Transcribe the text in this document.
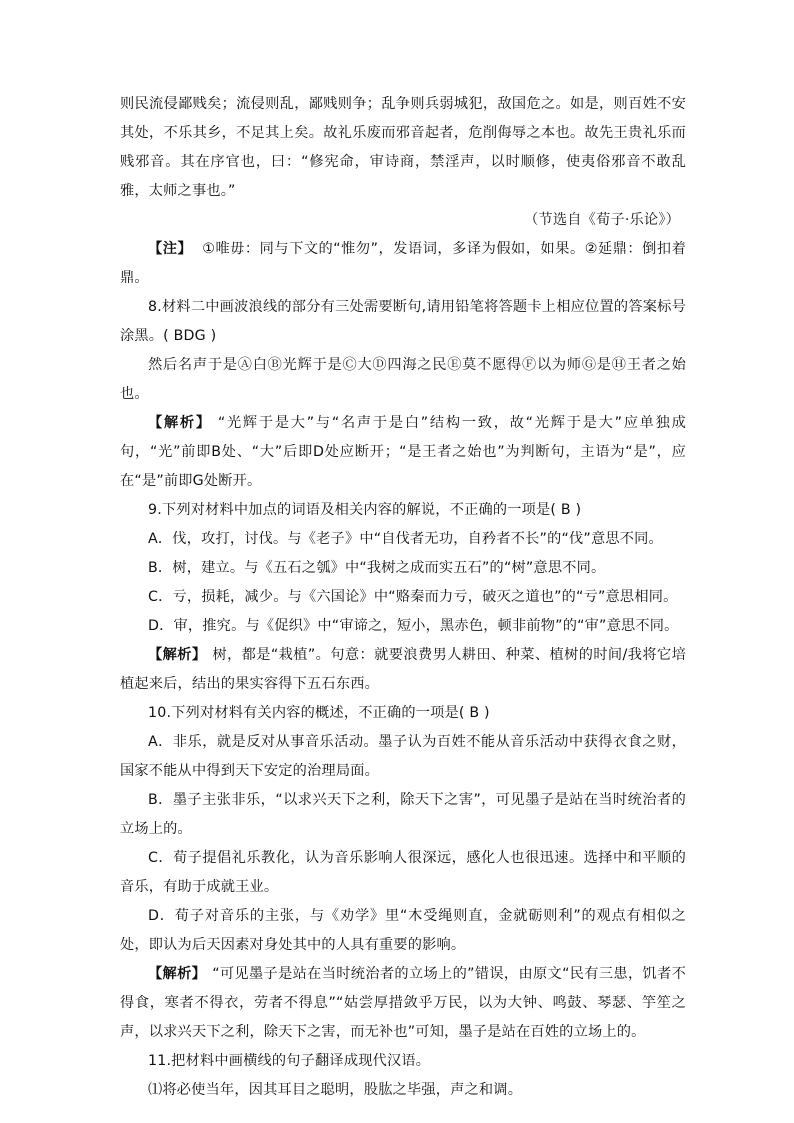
则民流侵鄙贱矣；流侵则乱，鄙贱则争；乱争则兵弱城犯，敌国危之。如是，则百姓不安其处，不乐其乡，不足其上矣。故礼乐废而邪音起者，危削侮辱之本也。故先王贵礼乐而贱邪音。其在序官也，曰：“修宪命，审诗商，禁淫声，以时顺修，使夷俗邪音不敢乱雅，太师之事也。”

（节选自《荀子·乐论》）

【注】 ①唯毋：同与下文的“惟勿”，发语词，多译为假如，如果。②延鼎：倒扣着鼎。

8.材料二中画波浪线的部分有三处需要断句,请用铅笔将答题卡上相应位置的答案标号涂黑。( BDG )

然后名声于是Ⓐ白Ⓑ光辉于是Ⓒ大Ⓓ四海之民Ⓔ莫不愿得Ⓕ以为师Ⓖ是Ⓗ王者之始也。

【解析】 “光辉于是大”与“名声于是白”结构一致，故“光辉于是大”应单独成句，“光”前即B处、“大”后即D处应断开；“是王者之始也”为判断句，主语为“是”，应在“是”前即G处断开。

9.下列对材料中加点的词语及相关内容的解说，不正确的一项是( B )

A．伐，攻打，讨伐。与《老子》中“自伐者无功，自矜者不长”的“伐”意思不同。

B．树，建立。与《五石之瓠》中“我树之成而实五石”的“树”意思不同。

C．亏，损耗，减少。与《六国论》中“赂秦而力亏，破灭之道也”的“亏”意思相同。

D．审，推究。与《促织》中“审谛之，短小，黑赤色，顿非前物”的“审”意思不同。

【解析】 树，都是“栽植”。句意：就要浪费男人耕田、种菜、植树的时间/我将它培植起来后，结出的果实容得下五石东西。

10.下列对材料有关内容的概述，不正确的一项是( B )

A．非乐，就是反对从事音乐活动。墨子认为百姓不能从音乐活动中获得衣食之财，国家不能从中得到天下安定的治理局面。

B．墨子主张非乐，“以求兴天下之利，除天下之害”，可见墨子是站在当时统治者的立场上的。

C．荀子提倡礼乐教化，认为音乐影响人很深远，感化人也很迅速。选择中和平顺的音乐，有助于成就王业。

D．荀子对音乐的主张，与《劝学》里“木受绳则直，金就砺则利”的观点有相似之处，即认为后天因素对身处其中的人具有重要的影响。

【解析】 “可见墨子是站在当时统治者的立场上的”错误，由原文“民有三患，饥者不得食，寒者不得衣，劳者不得息”“姑尝厚措敛乎万民，以为大钟、鸣鼓、琴瑟、竽笙之声，以求兴天下之利，除天下之害，而无补也”可知，墨子是站在百姓的立场上的。

11.把材料中画横线的句子翻译成现代汉语。

⑴将必使当年，因其耳目之聪明，股肱之毕强，声之和调。
